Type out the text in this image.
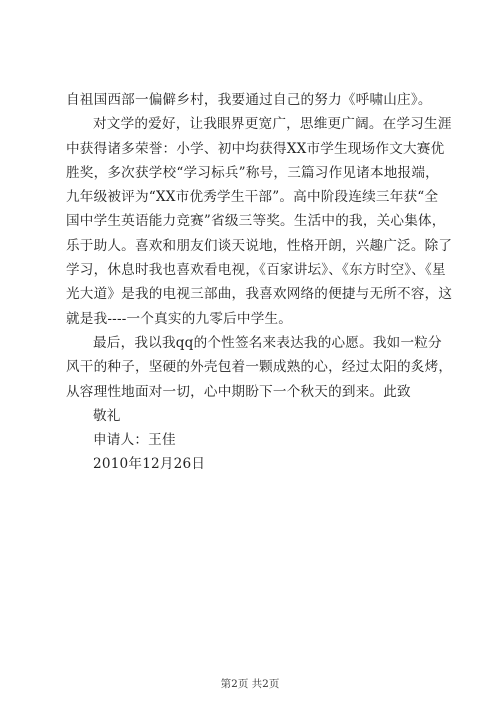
自祖国西部一偏僻乡村，我要通过自己的努力《呼啸山庄》。
对文学的爱好，让我眼界更宽广，思维更广阔。在学习生涯
中获得诸多荣誉：小学、初中均获得XX市学生现场作文大赛优
胜奖，多次获学校“学习标兵”称号，三篇习作见诸本地报端，
九年级被评为“XX市优秀学生干部”。高中阶段连续三年获“全
国中学生英语能力竞赛”省级三等奖。生活中的我，关心集体，
乐于助人。喜欢和朋友们谈天说地，性格开朗，兴趣广泛。除了
学习，休息时我也喜欢看电视，《百家讲坛》、《东方时空》、《星
光大道》是我的电视三部曲，我喜欢网络的便捷与无所不容，这
就是我----一个真实的九零后中学生。
最后，我以我qq的个性签名来表达我的心愿。我如一粒分
风干的种子，坚硬的外壳包着一颗成熟的心，经过太阳的炙烤，
从容理性地面对一切，心中期盼下一个秋天的到来。此致
敬礼
申请人：王佳
2010年12月26日
第2页 共2页
